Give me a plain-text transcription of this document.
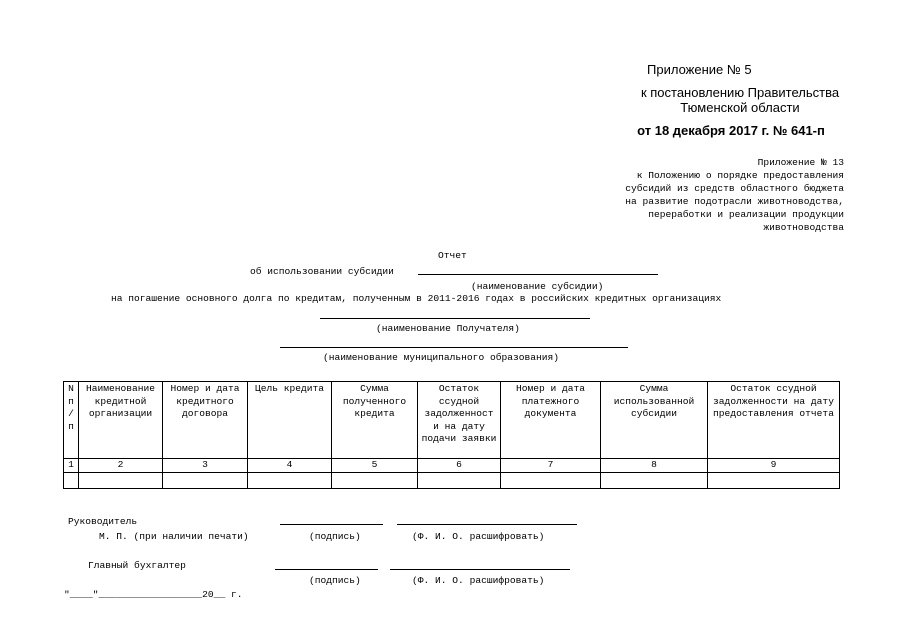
Приложение № 5
к постановлению Правительства
Тюменской области
от 18 декабря 2017 г. № 641-п
Приложение № 13
к Положению о порядке предоставления
субсидий из средств областного бюджета
на развитие подотрасли животноводства,
переработки и реализации продукции
животноводства
Отчет
об использовании субсидии
(наименование субсидии)
на погашение основного долга по кредитам, полученным в 2011-2016 годах в российских кредитных организациях
(наименование Получателя)
(наименование муниципального образования)
N п / п	Наименование кредитной организации	Номер и дата кредитного договора	Цель кредита	Сумма полученного кредита	Остаток ссудной задолженност и на дату подачи заявки	Номер и дата платежного документа	Сумма использованной субсидии	Остаток ссудной задолженности на дату предоставления отчета
1	2	3	4	5	6	7	8	9

Руководитель
М. П. (при наличии печати)	(подпись)	(Ф. И. О. расшифровать)
Главный бухгалтер
(подпись)	(Ф. И. О. расшифровать)
"____"__________________20__ г.
